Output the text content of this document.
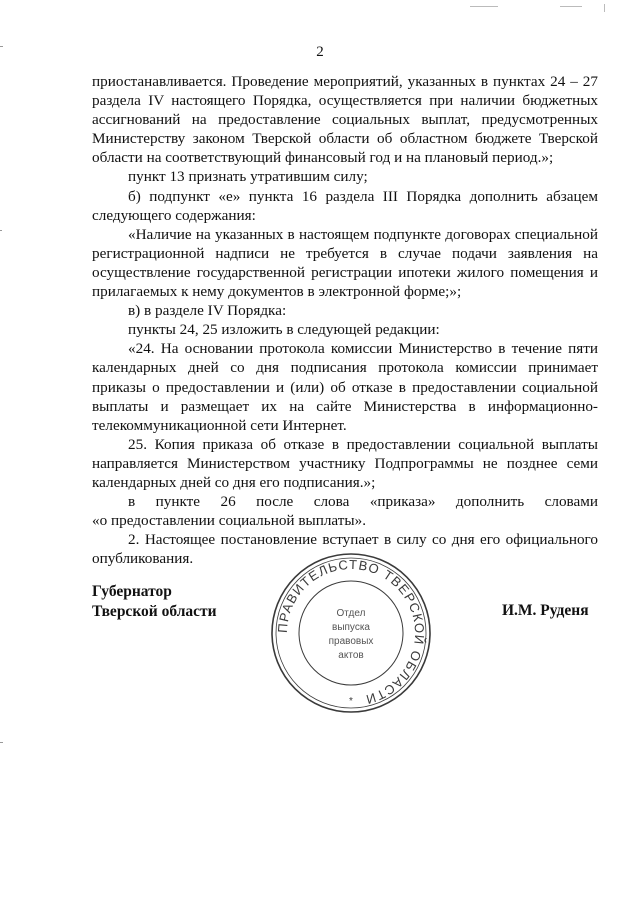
2
приостанавливается. Проведение мероприятий, указанных в пунктах 24 – 27
раздела IV настоящего Порядка, осуществляется при наличии бюджетных
ассигнований на предоставление социальных выплат, предусмотренных
Министерству законом Тверской области об областном бюджете Тверской
области на соответствующий финансовый год и на плановый период.»;
пункт 13 признать утратившим силу;
б) подпункт «е» пункта 16 раздела III Порядка дополнить абзацем
следующего содержания:
«Наличие на указанных в настоящем подпункте договорах специальной
регистрационной надписи не требуется в случае подачи заявления на
осуществление государственной регистрации ипотеки жилого помещения и
прилагаемых к нему документов в электронной форме;»;
в) в разделе IV Порядка:
пункты 24, 25 изложить в следующей редакции:
«24. На основании протокола комиссии Министерство в течение пяти
календарных дней со дня подписания протокола комиссии принимает
приказы о предоставлении и (или) об отказе в предоставлении социальной
выплаты и размещает их на сайте Министерства в информационно-
телекоммуникационной сети Интернет.
25. Копия приказа об отказе в предоставлении социальной выплаты
направляется Министерством участнику Подпрограммы не позднее семи
календарных дней со дня его подписания.»;
в пункте 26 после слова «приказа» дополнить словами
«о предоставлении социальной выплаты».
2. Настоящее постановление вступает в силу со дня его официального
опубликования.
Губернатор
Тверской области
ПРАВИТЕЛЬСТВО ТВЕРСКОЙ ОБЛАСТИ
Отдел
выпуска
правовых
актов
*
И.М. Руденя
